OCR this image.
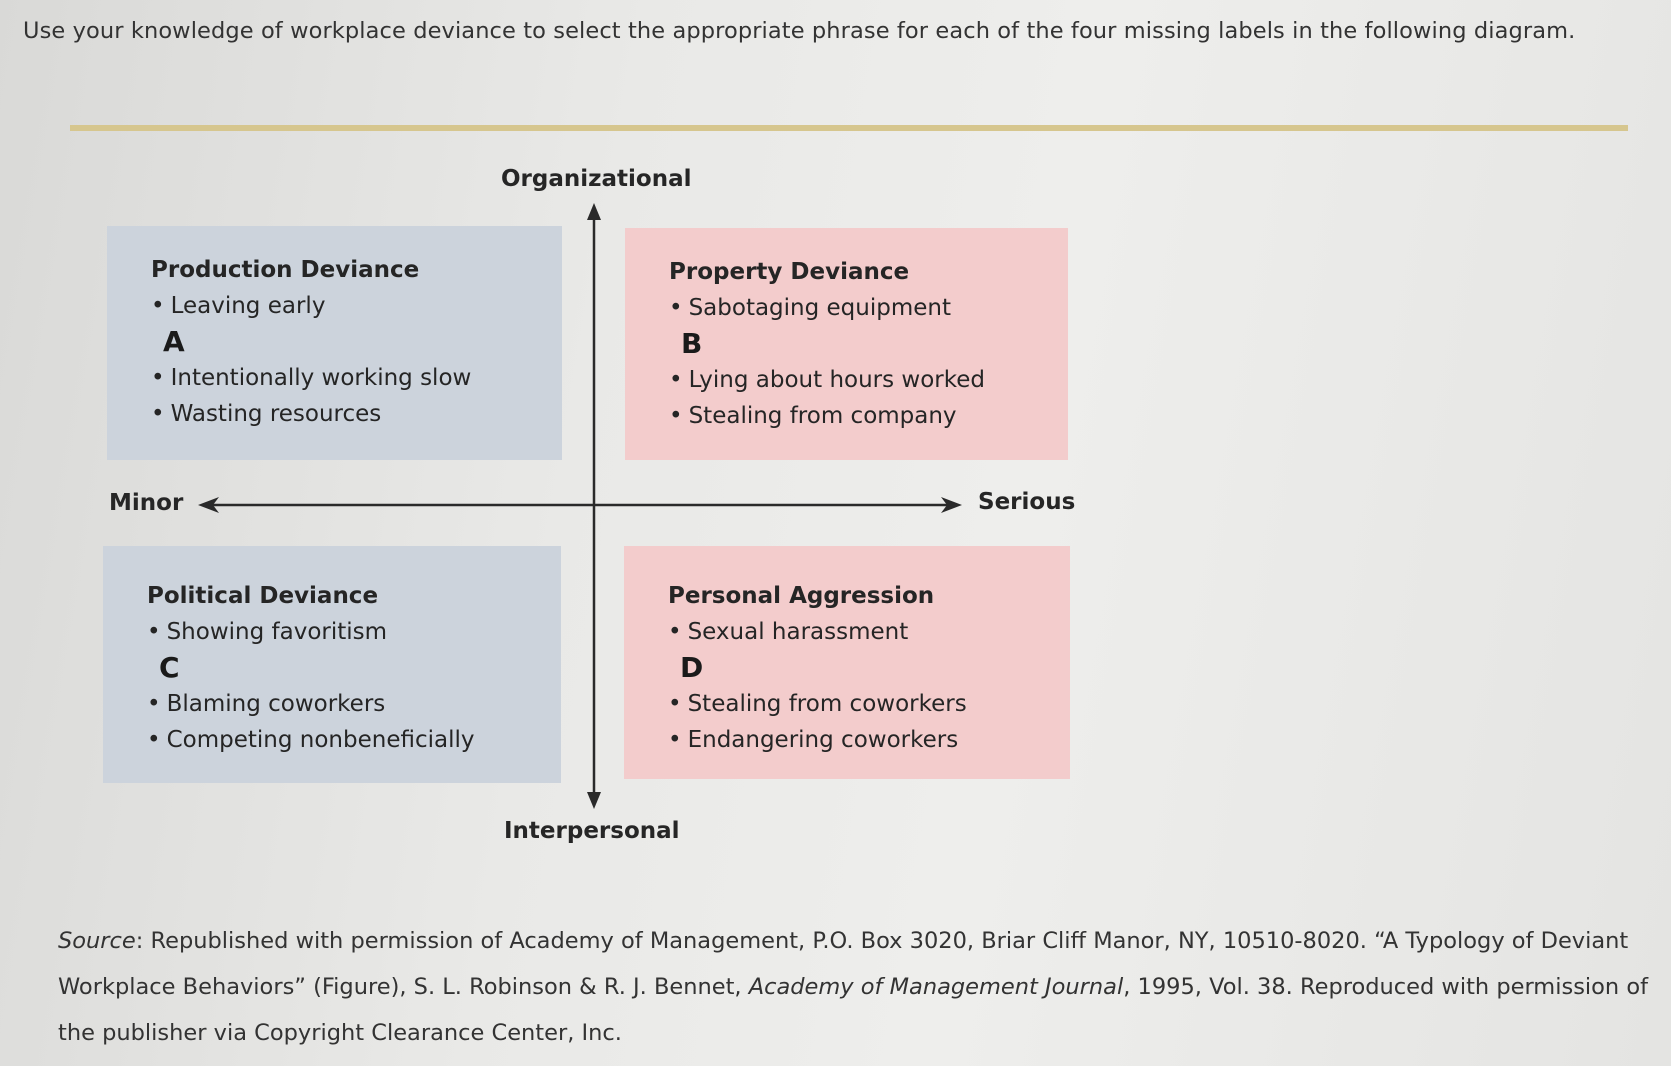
Use your knowledge of workplace deviance to select the appropriate phrase for each of the four missing labels in the following diagram.
Organizational
Interpersonal
Minor	Serious
Production Deviance
• Leaving early
A
• Intentionally working slow
• Wasting resources
Property Deviance
• Sabotaging equipment
B
• Lying about hours worked
• Stealing from company
Political Deviance
• Showing favoritism
C
• Blaming coworkers
• Competing nonbeneficially
Personal Aggression
• Sexual harassment
D
• Stealing from coworkers
• Endangering coworkers
Source: Republished with permission of Academy of Management, P.O. Box 3020, Briar Cliff Manor, NY, 10510-8020. “A Typology of Deviant Workplace Behaviors” (Figure), S. L. Robinson & R. J. Bennet, Academy of Management Journal, 1995, Vol. 38. Reproduced with permission of the publisher via Copyright Clearance Center, Inc.
